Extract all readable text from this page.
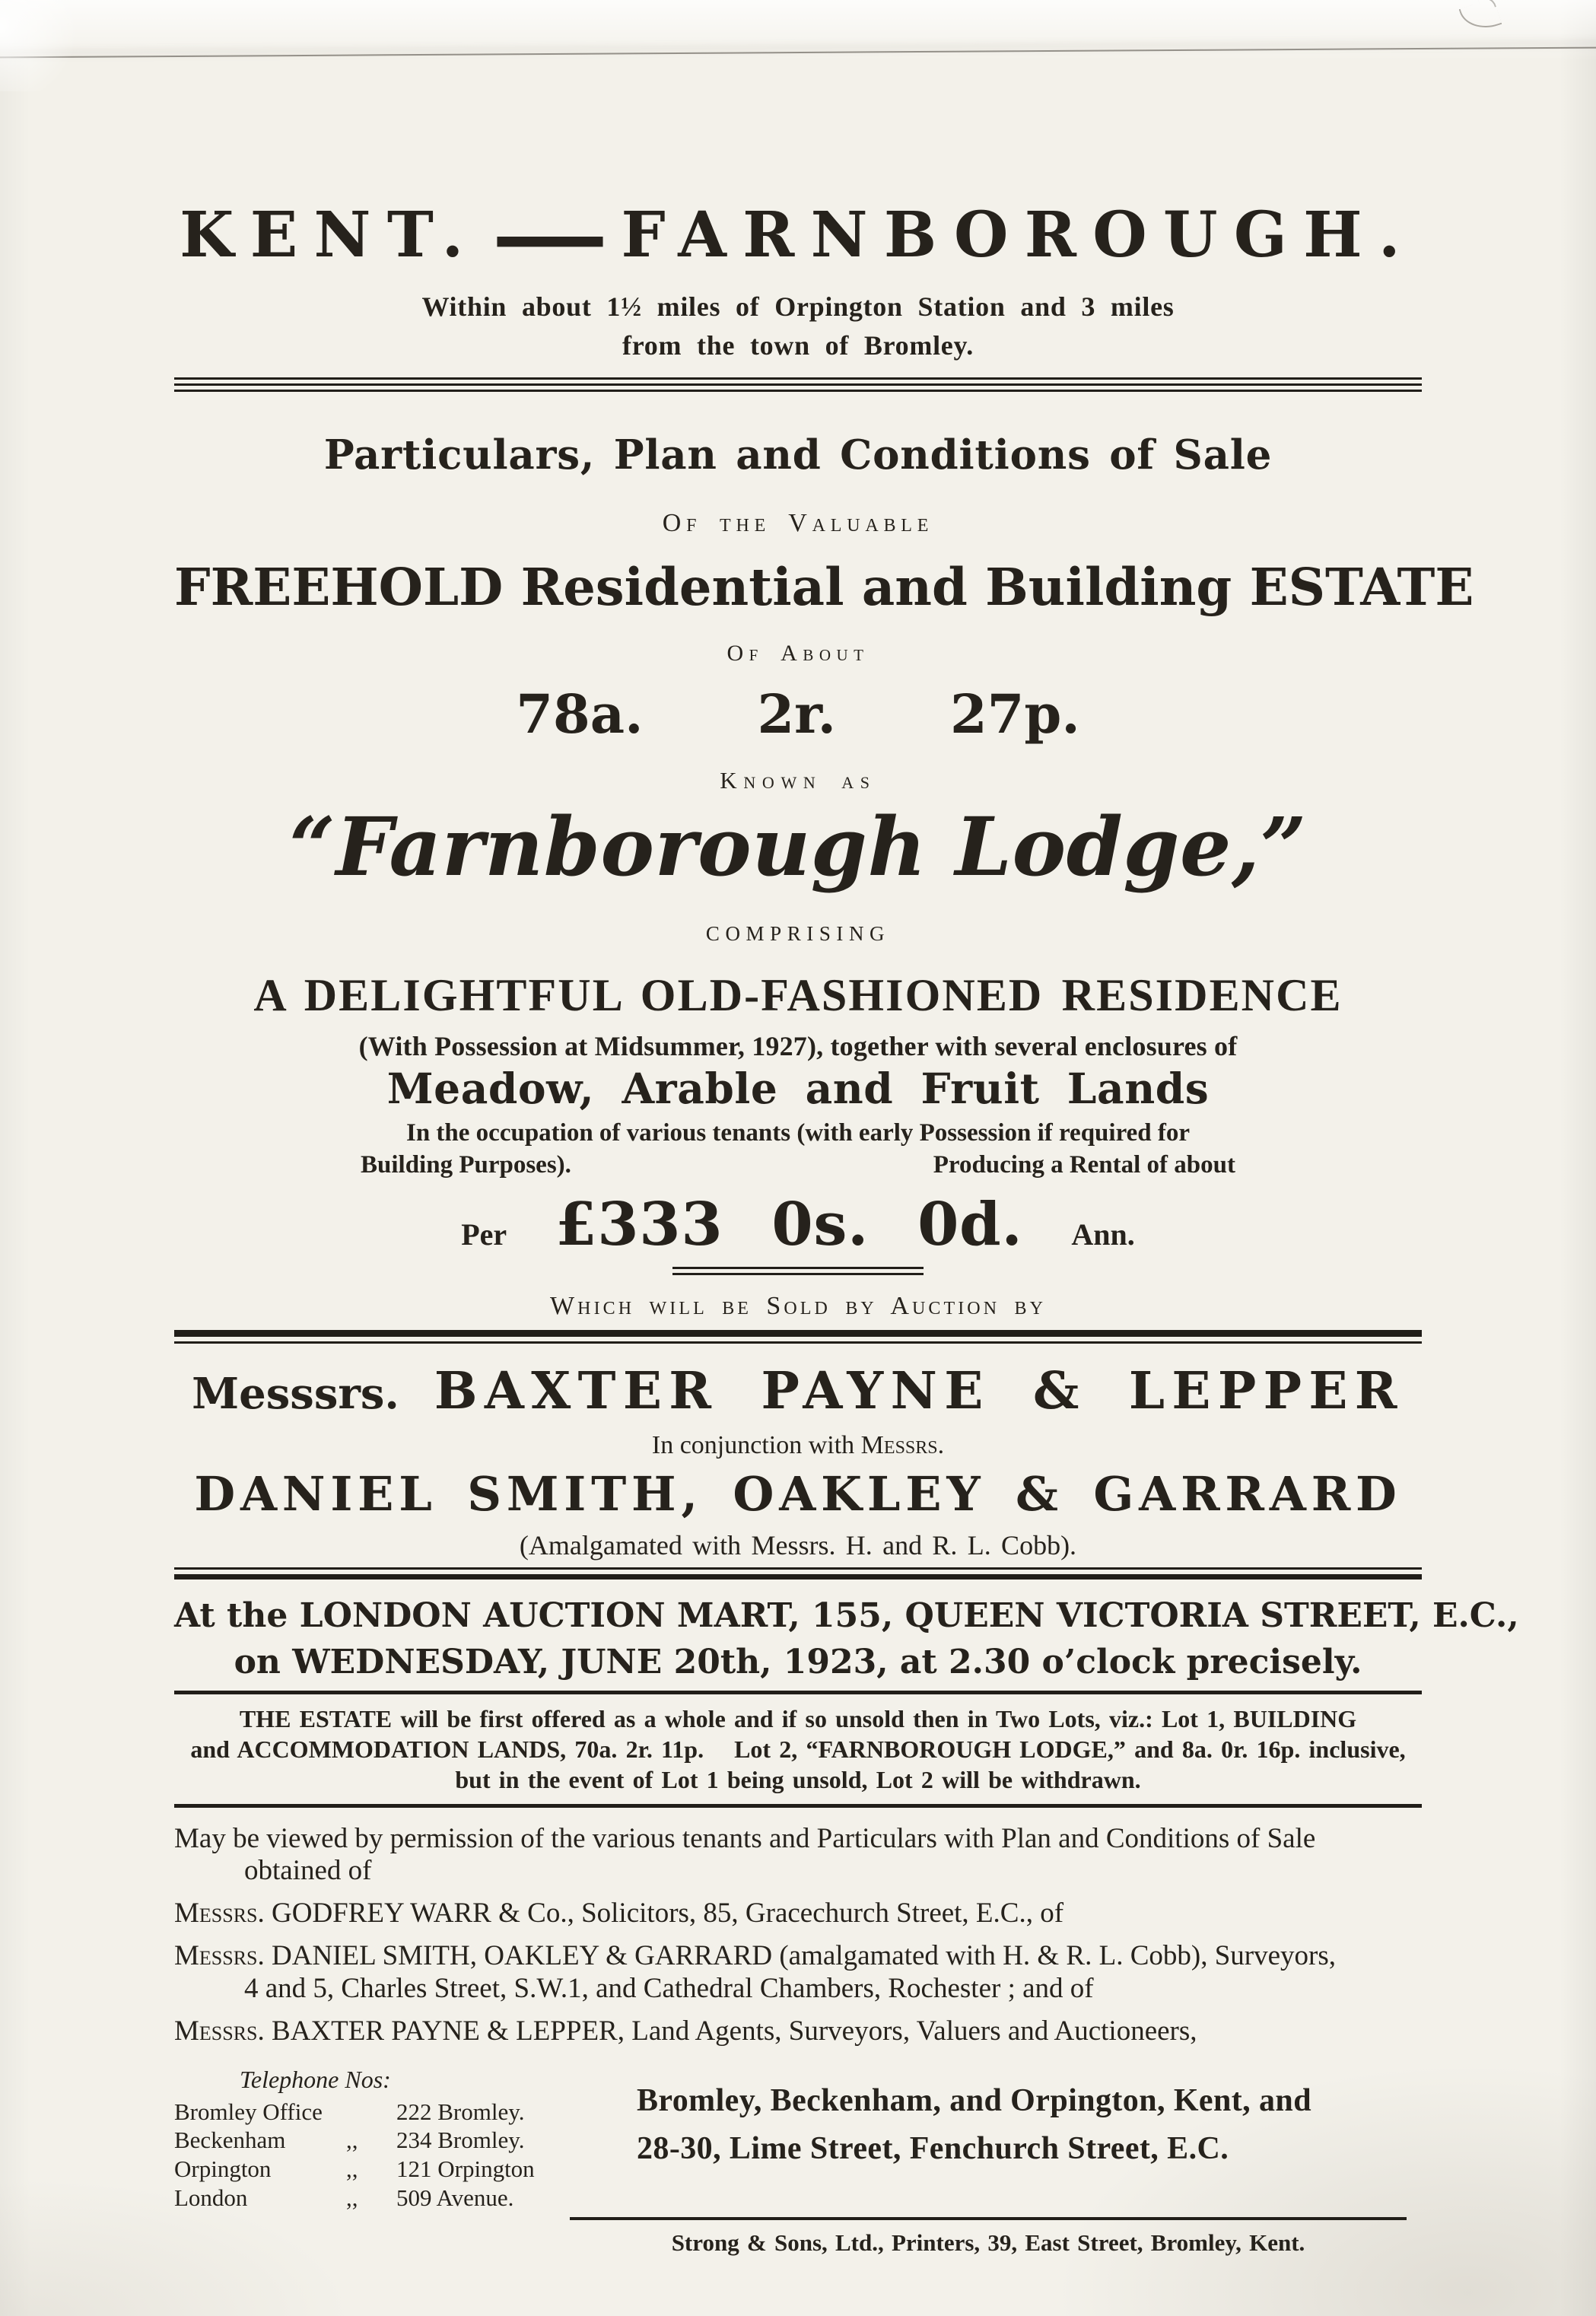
KENT. — FARNBOROUGH.
Within about 1½ miles of Orpington Station and 3 miles
from the town of Bromley.
Particulars, Plan and Conditions of Sale
Of the Valuable
FREEHOLD Residential and Building ESTATE
Of About
78a. 2r. 27p.
Known as
“Farnborough Lodge,”
COMPRISING
A DELIGHTFUL OLD-FASHIONED RESIDENCE
(With Possession at Midsummer, 1927), together with several enclosures of
Meadow, Arable and Fruit Lands
In the occupation of various tenants (with early Possession if required for
Building Purposes).	Producing a Rental of about
Per £333 0s. 0d. Ann.
Which will be Sold by Auction by
Messsrs. BAXTER PAYNE & LEPPER
In conjunction with Messrs.
DANIEL SMITH, OAKLEY & GARRARD
(Amalgamated with Messrs. H. and R. L. Cobb).
At the LONDON AUCTION MART, 155, QUEEN VICTORIA STREET, E.C.,
on WEDNESDAY, JUNE 20th, 1923, at 2.30 o’clock precisely.
THE ESTATE will be first offered as a whole and if so unsold then in Two Lots, viz.: Lot 1, BUILDING
and ACCOMMODATION LANDS, 70a. 2r. 11p. Lot 2, “FARNBOROUGH LODGE,” and 8a. 0r. 16p. inclusive,
but in the event of Lot 1 being unsold, Lot 2 will be withdrawn.
May be viewed by permission of the various tenants and Particulars with Plan and Conditions of Sale
obtained of
Messrs. GODFREY WARR & Co., Solicitors, 85, Gracechurch Street, E.C., of
Messrs. DANIEL SMITH, OAKLEY & GARRARD (amalgamated with H. & R. L. Cobb), Surveyors,
4 and 5, Charles Street, S.W.1, and Cathedral Chambers, Rochester ; and of
Messrs. BAXTER PAYNE & LEPPER, Land Agents, Surveyors, Valuers and Auctioneers,
Telephone Nos:
Bromley Office	222 Bromley.
Beckenham	,,	234 Bromley.
Orpington	,,	121 Orpington
London	,,	509 Avenue.
Bromley, Beckenham, and Orpington, Kent, and
28-30, Lime Street, Fenchurch Street, E.C.
Strong & Sons, Ltd., Printers, 39, East Street, Bromley, Kent.
